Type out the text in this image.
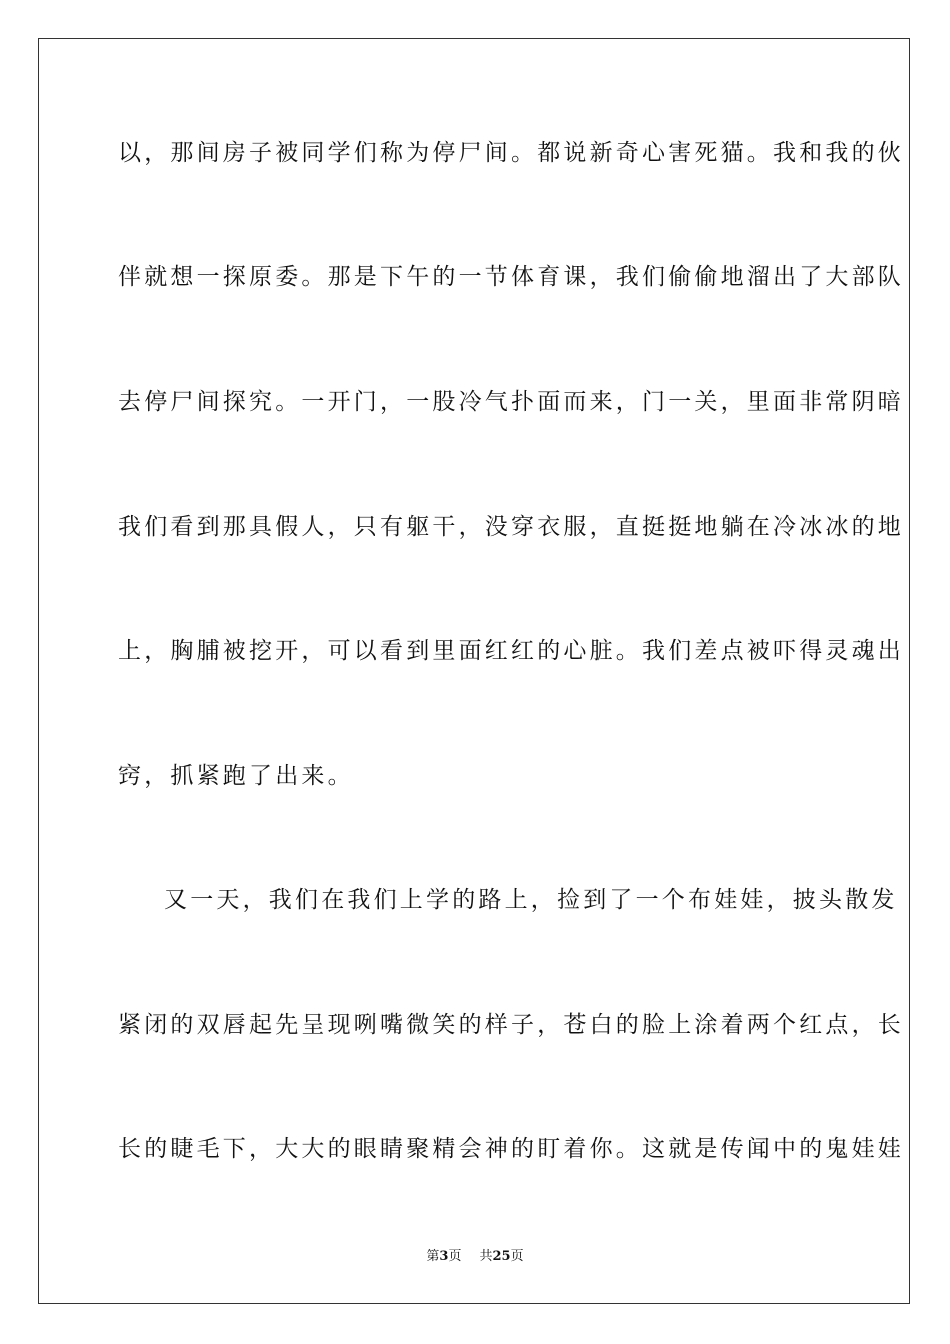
以，那间房子被同学们称为停尸间。都说新奇心害死猫。我和我的伙
伴就想一探原委。那是下午的一节体育课，我们偷偷地溜出了大部队
去停尸间探究。一开门，一股冷气扑面而来，门一关，里面非常阴暗
我们看到那具假人，只有躯干，没穿衣服，直挺挺地躺在冷冰冰的地
上，胸脯被挖开，可以看到里面红红的心脏。我们差点被吓得灵魂出
窍，抓紧跑了出来。
又一天，我们在我们上学的路上，捡到了一个布娃娃，披头散发
紧闭的双唇起先呈现咧嘴微笑的样子，苍白的脸上涂着两个红点，长
长的睫毛下，大大的眼睛聚精会神的盯着你。这就是传闻中的鬼娃娃
第3页 共25页
